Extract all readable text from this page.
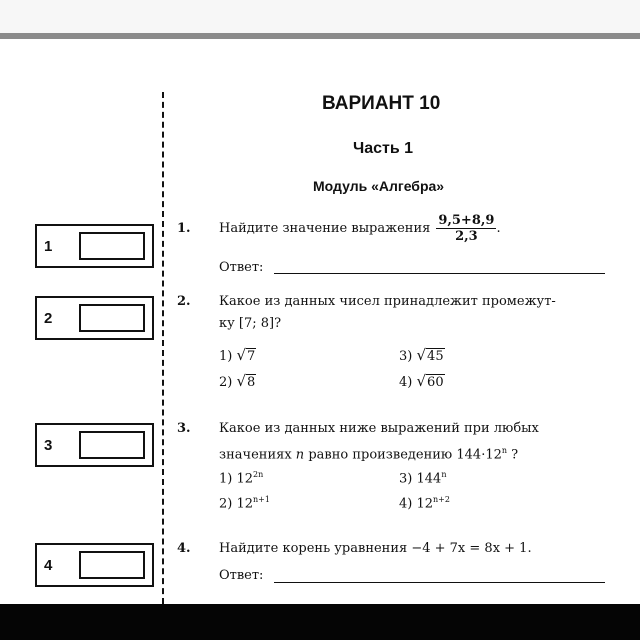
ВАРИАНТ 10
Часть 1
Модуль «Алгебра»
1
2
3
4
1. Найдите значение выражения $\frac{9,5+8,9}{2,3}$ .
Ответ:
2. Какое из данных чисел принадлежит промежут-
ку [7; 8]?
1) √7
2) √8
3) √45
4) √60
3. Какое из данных ниже выражений при любых
значениях n равно произведению $144\cdot 12^n$ ?
1) $12^{2n}$
2) $12^{n+1}$
3) 144$^n$
4) $12^{n+2}$
4. Найдите корень уравнения −4 + 7x = 8x + 1.
Ответ:
